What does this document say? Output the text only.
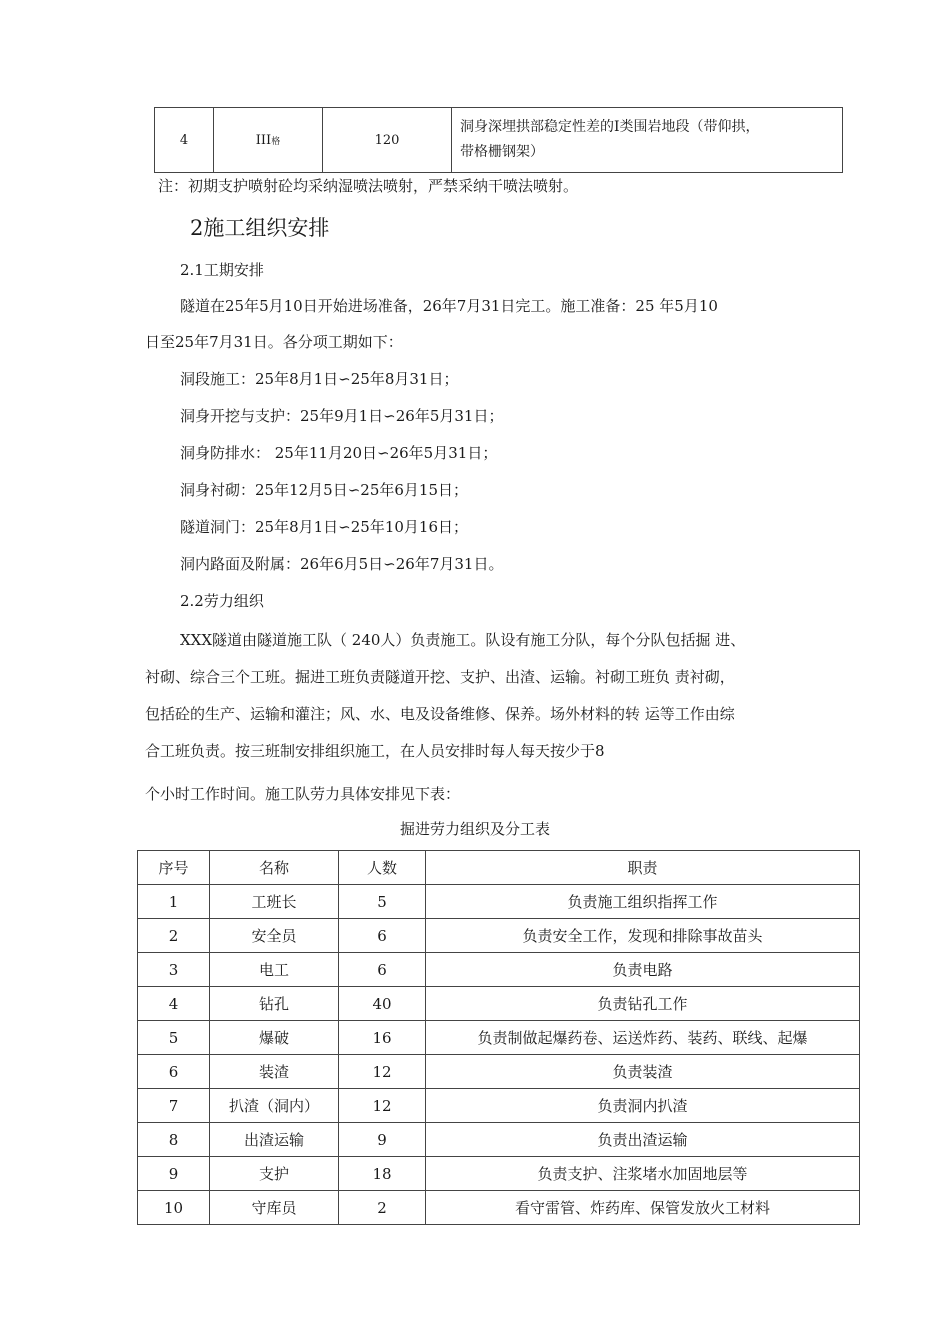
4	III格	120	洞身深埋拱部稳定性差的Ⅰ类围岩地段（带仰拱，
带格栅钢架）
注：初期支护喷射砼均采纳湿喷法喷射，严禁采纳干喷法喷射。
2施工组织安排
2.1工期安排
隧道在25年5月10日开始进场准备，26年7月31日完工。施工准备：25 年5月10
日至25年7月31日。各分项工期如下：
洞段施工：25年8月1日∽25年8月31日；
洞身开挖与支护：25年9月1日∽26年5月31日；
洞身防排水： 25年11月20日∽26年5月31日；
洞身衬砌：25年12月5日∽25年6月15日；
隧道洞门：25年8月1日∽25年10月16日；
洞内路面及附属：26年6月5日∽26年7月31日。
2.2劳力组织
XXX隧道由隧道施工队（ 240人）负责施工。队设有施工分队，每个分队包括掘 进、
衬砌、综合三个工班。掘进工班负责隧道开挖、支护、出渣、运输。衬砌工班负 责衬砌，
包括砼的生产、运输和灌注；风、水、电及设备维修、保养。场外材料的转 运等工作由综
合工班负责。按三班制安排组织施工，在人员安排时每人每天按少于8
个小时工作时间。施工队劳力具体安排见下表：
掘进劳力组织及分工表
序号	名称	人数	职责
1	工班长	5	负责施工组织指挥工作
2	安全员	6	负责安全工作，发现和排除事故苗头
3	电工	6	负责电路
4	钻孔	40	负责钻孔工作
5	爆破	16	负责制做起爆药卷、运送炸药、装药、联线、起爆
6	装渣	12	负责装渣
7	扒渣（洞内）	12	负责洞内扒渣
8	出渣运输	9	负责出渣运输
9	支护	18	负责支护、注浆堵水加固地层等
10	守库员	2	看守雷管、炸药库、保管发放火工材料
